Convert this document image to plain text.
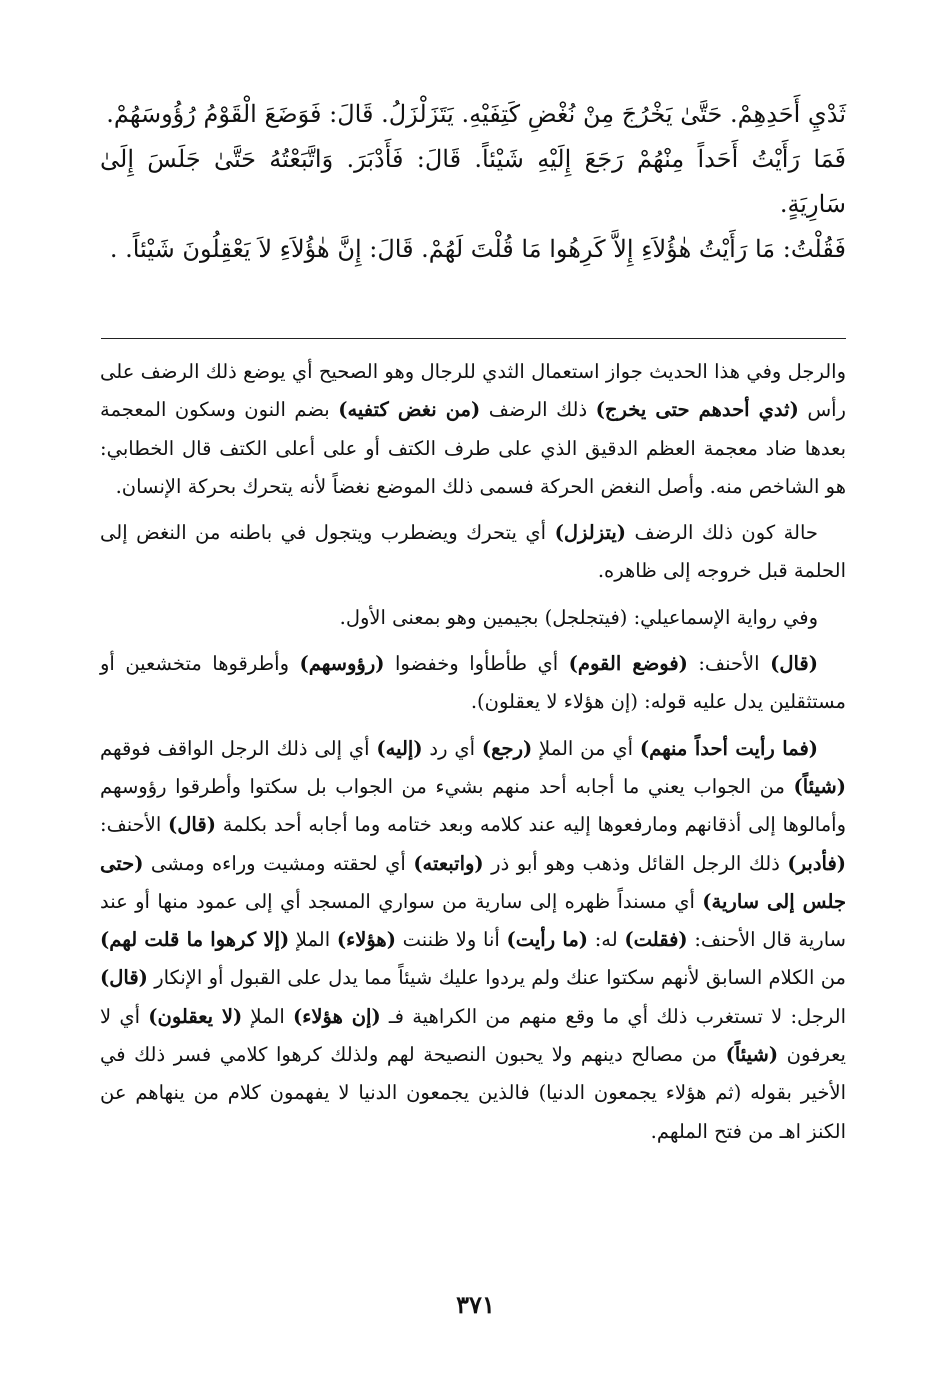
ثَدْيِ أَحَدِهِمْ. حَتَّىٰ يَخْرُجَ مِنْ نُغْضِ كَتِفَيْهِ. يَتَزَلْزَلُ. قَالَ: فَوَضَعَ الْقَوْمُ رُؤُوسَهُمْ.

فَمَا رَأَيْتُ أَحَداً مِنْهُمْ رَجَعَ إِلَيْهِ شَيْئاً. قَالَ: فَأَدْبَرَ. وَاتَّبَعْتُهُ حَتَّىٰ جَلَسَ إِلَىٰ سَارِيَةٍ.

فَقُلْتُ: مَا رَأَيْتُ هٰؤُلاَءِ إِلاَّ كَرِهُوا مَا قُلْتَ لَهُمْ. قَالَ: إِنَّ هٰؤُلاَءِ لاَ يَعْقِلُونَ شَيْئاً. .

والرجل وفي هذا الحديث جواز استعمال الثدي للرجال وهو الصحيح أي يوضع ذلك الرضف على رأس (ثدي أحدهم حتى يخرج) ذلك الرضف (من نغض كتفيه) بضم النون وسكون المعجمة بعدها ضاد معجمة العظم الدقيق الذي على طرف الكتف أو على أعلى الكتف قال الخطابي: هو الشاخص منه. وأصل النغض الحركة فسمى ذلك الموضع نغضاً لأنه يتحرك بحركة الإنسان.

حالة كون ذلك الرضف (يتزلزل) أي يتحرك ويضطرب ويتجول في باطنه من النغض إلى الحلمة قبل خروجه إلى ظاهره.

وفي رواية الإسماعيلي: (فيتجلجل) بجيمين وهو بمعنى الأول.

(قال) الأحنف: (فوضع القوم) أي طأطأوا وخفضوا (رؤوسهم) وأطرقوها متخشعين أو مستثقلين يدل عليه قوله: (إن هؤلاء لا يعقلون).

(فما رأيت أحداً منهم) أي من الملإ (رجع) أي رد (إليه) أي إلى ذلك الرجل الواقف فوقهم (شيئاً) من الجواب يعني ما أجابه أحد منهم بشيء من الجواب بل سكتوا وأطرقوا رؤوسهم وأمالوها إلى أذقانهم ومارفعوها إليه عند كلامه وبعد ختامه وما أجابه أحد بكلمة (قال) الأحنف: (فأدبر) ذلك الرجل القائل وذهب وهو أبو ذر (واتبعته) أي لحقته ومشيت وراءه ومشى (حتى جلس إلى سارية) أي مسنداً ظهره إلى سارية من سواري المسجد أي إلى عمود منها أو عند سارية قال الأحنف: (فقلت) له: (ما رأيت) أنا ولا ظننت (هؤلاء) الملإ (إلا كرهوا ما قلت لهم) من الكلام السابق لأنهم سكتوا عنك ولم يردوا عليك شيئاً مما يدل على القبول أو الإنكار (قال) الرجل: لا تستغرب ذلك أي ما وقع منهم من الكراهية فـ (إن هؤلاء) الملإ (لا يعقلون) أي لا يعرفون (شيئاً) من مصالح دينهم ولا يحبون النصيحة لهم ولذلك كرهوا كلامي فسر ذلك في الأخير بقوله (ثم هؤلاء يجمعون الدنيا) فالذين يجمعون الدنيا لا يفهمون كلام من ينهاهم عن الكنز اهـ من فتح الملهم.

٣٧١
